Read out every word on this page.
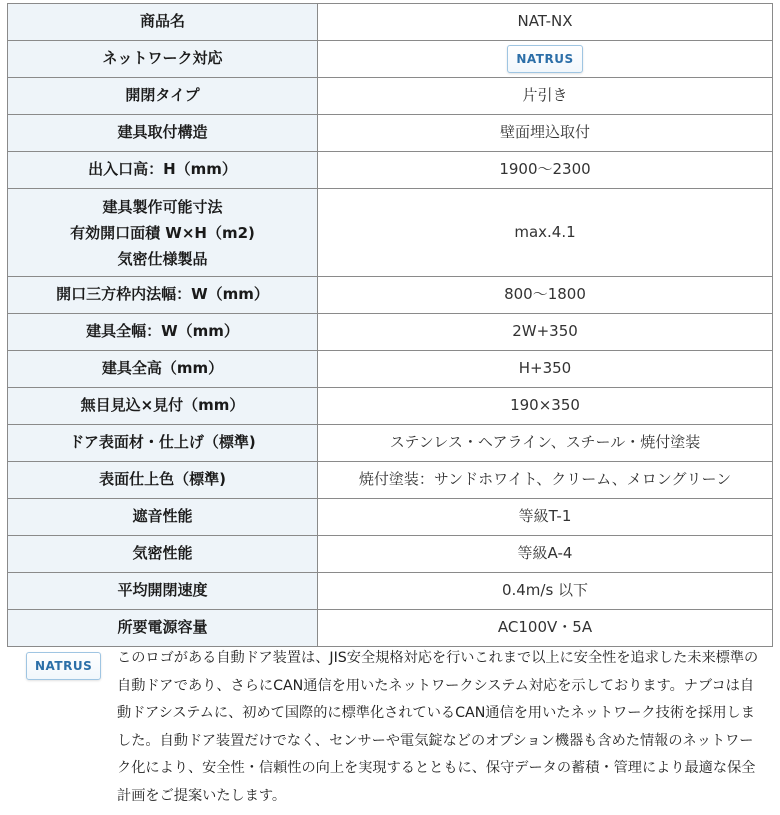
商品名	NAT-NX
ネットワーク対応	NATRUS
開閉タイプ	片引き
建具取付構造	壁面埋込取付
出入口高：H（mm）	1900～2300

建具製作可能寸法
有効開口面積 W×H（m2)
気密仕様製品	max.4.1
開口三方枠内法幅：W（mm）	800～1800
建具全幅：W（mm）	2W+350
建具全高（mm）	H+350
無目見込×見付（mm）	190×350
ドア表面材・仕上げ（標準)	ステンレス・ヘアライン、スチール・焼付塗装
表面仕上色（標準)	焼付塗装：サンドホワイト、クリーム、メロングリーン
遮音性能	等級T-1
気密性能	等級A-4
平均開閉速度	0.4m/s 以下
所要電源容量	AC100V・5A
NATRUS	このロゴがある自動ドア装置は、JIS安全規格対応を行いこれまで以上に安全性を追求した未来標準の自動ドアであり、さらにCAN通信を用いたネットワークシステム対応を示しております。ナブコは自動ドアシステムに、初めて国際的に標準化されているCAN通信を用いたネットワーク技術を採用しました。自動ドア装置だけでなく、センサーや電気錠などのオプション機器も含めた情報のネットワーク化により、安全性・信頼性の向上を実現するとともに、保守データの蓄積・管理により最適な保全計画をご提案いたします。
